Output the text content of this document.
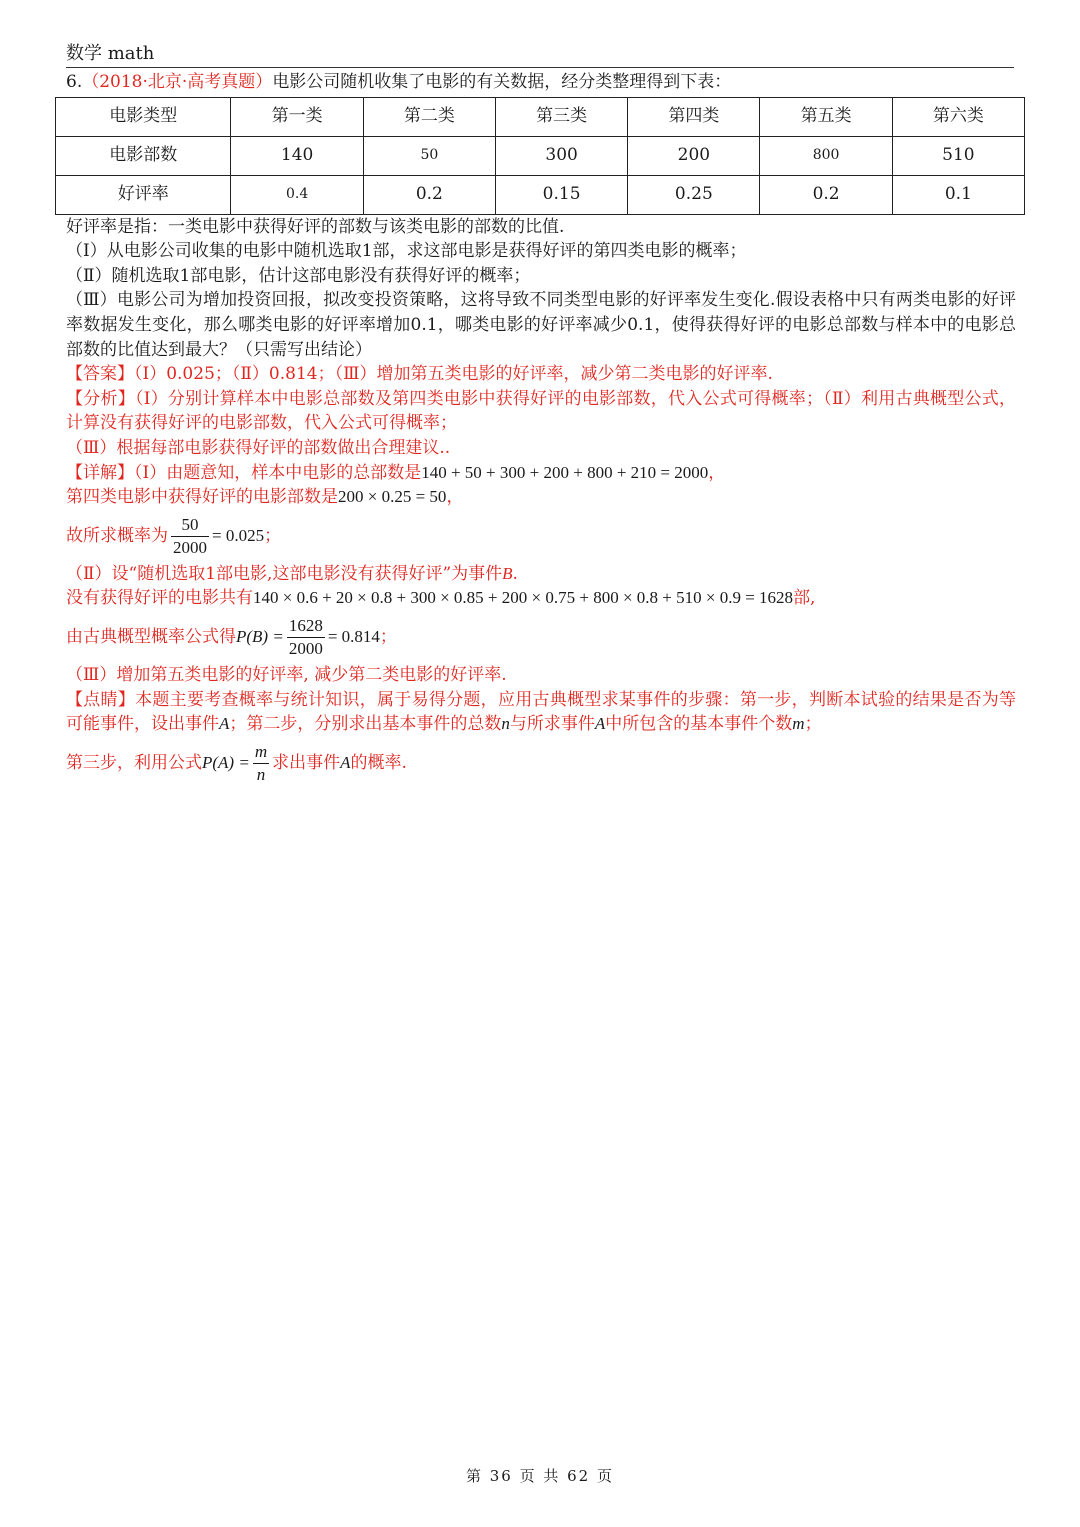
数学 math
6.（2018·北京·高考真题）电影公司随机收集了电影的有关数据，经分类整理得到下表：
电影类型	第一类	第二类	第三类	第四类	第五类	第六类
电影部数	140	50	300	200	800	510
好评率	0.4	0.2	0.15	0.25	0.2	0.1
好评率是指：一类电影中获得好评的部数与该类电影的部数的比值.
（Ⅰ）从电影公司收集的电影中随机选取1部，求这部电影是获得好评的第四类电影的概率；
（Ⅱ）随机选取1部电影，估计这部电影没有获得好评的概率；
（Ⅲ）电影公司为增加投资回报，拟改变投资策略，这将导致不同类型电影的好评率发生变化.假设表格中只有两类电影的好评率数据发生变化，那么哪类电影的好评率增加0.1，哪类电影的好评率减少0.1，使得获得好评的电影总部数与样本中的电影总部数的比值达到最大？（只需写出结论）
【答案】（Ⅰ）0.025；（Ⅱ）0.814；（Ⅲ）增加第五类电影的好评率，减少第二类电影的好评率.
【分析】（Ⅰ）分别计算样本中电影总部数及第四类电影中获得好评的电影部数，代入公式可得概率；（Ⅱ）利用古典概型公式，计算没有获得好评的电影部数，代入公式可得概率；
（Ⅲ）根据每部电影获得好评的部数做出合理建议..
【详解】（Ⅰ）由题意知，样本中电影的总部数是140 + 50 + 300 + 200 + 800 + 210 = 2000，
第四类电影中获得好评的电影部数是200 × 0.25 = 50，
故所求概率为 $\frac{50}{2000} = 0.025$；
（Ⅱ）设“随机选取1部电影,这部电影没有获得好评”为事件B.
没有获得好评的电影共有140 × 0.6 + 20 × 0.8 + 300 × 0.85 + 200 × 0.75 + 800 × 0.8 + 510 × 0.9 = 1628部,
由古典概型概率公式得$P(B) = \frac{1628}{2000} = 0.814$；
（Ⅲ）增加第五类电影的好评率, 减少第二类电影的好评率.
【点睛】本题主要考查概率与统计知识，属于易得分题，应用古典概型求某事件的步骤：第一步，判断本试验的结果是否为等可能事件，设出事件A；第二步，分别求出基本事件的总数n与所求事件A中所包含的基本事件个数m；
第三步，利用公式$P(A) = \frac{m}{n}$ 求出事件A的概率.
第 36 页 共 62 页
